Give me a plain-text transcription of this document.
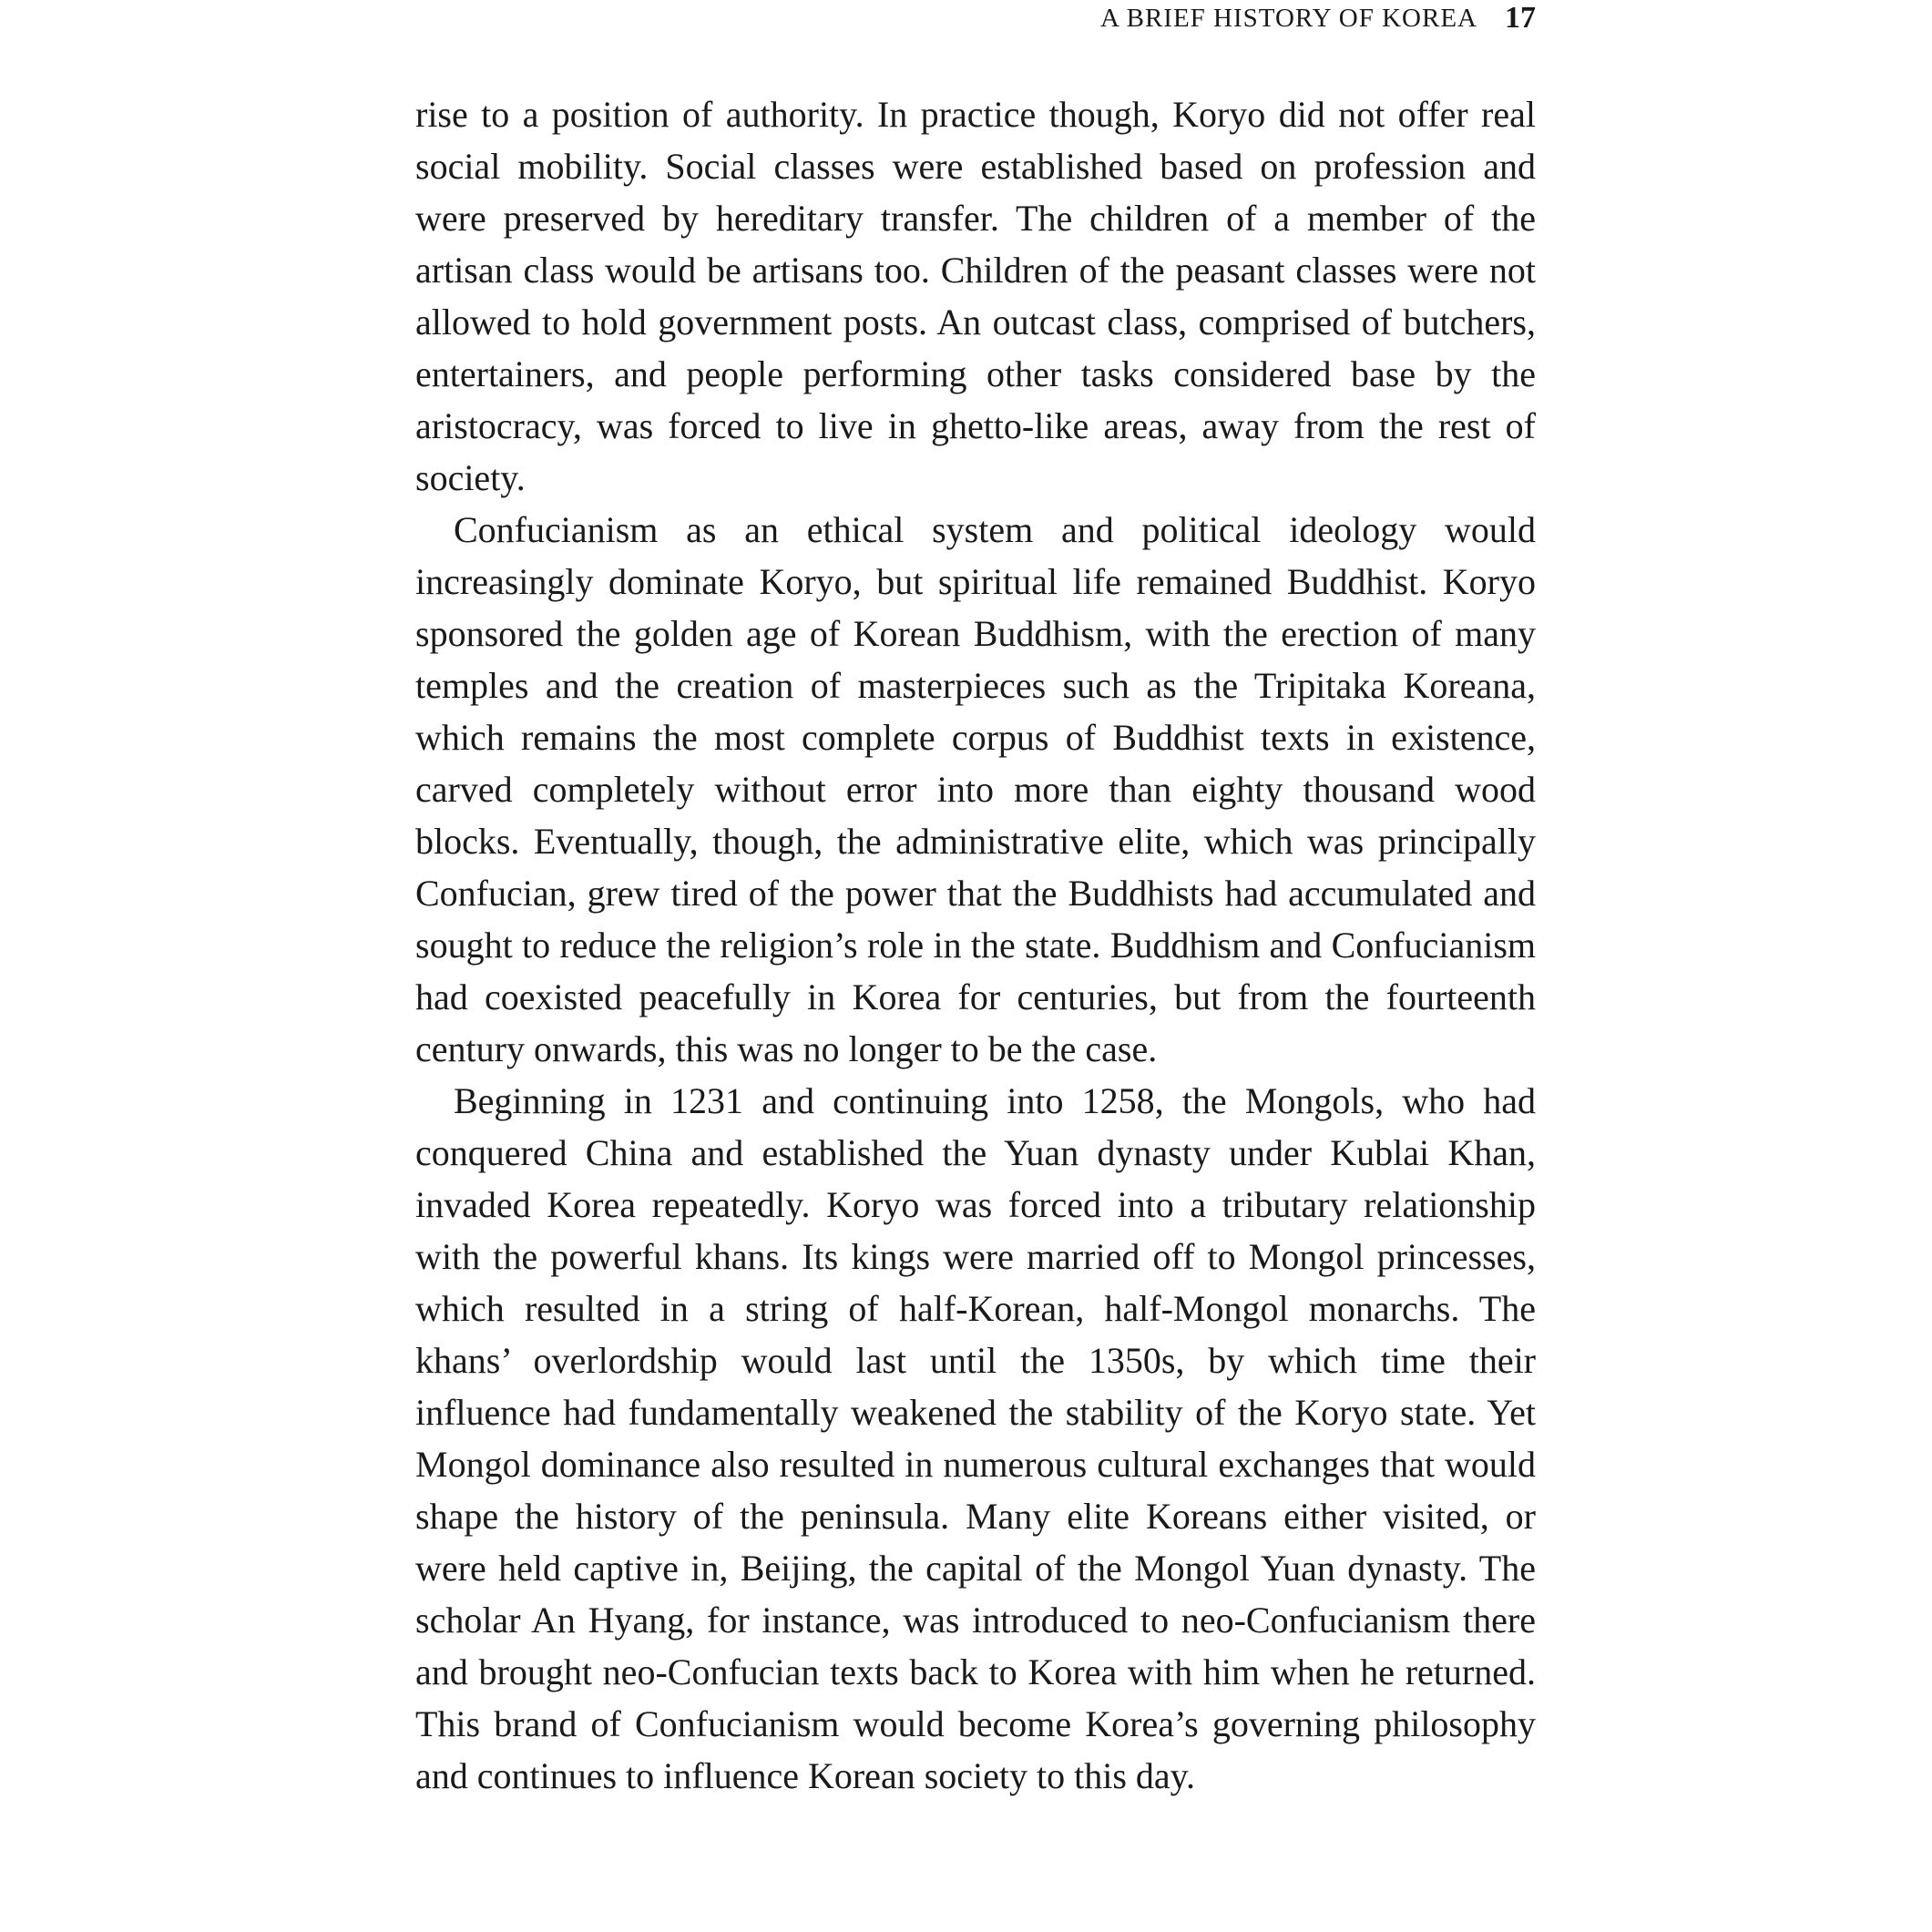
A BRIEF HISTORY OF KOREA 17

rise to a position of authority. In practice though, Koryo did not offer real social mobility. Social classes were established based on profession and were preserved by hereditary transfer. The children of a member of the artisan class would be artisans too. Children of the peasant classes were not allowed to hold government posts. An outcast class, comprised of butchers, entertainers, and people performing other tasks considered base by the aristocracy, was forced to live in ghetto-like areas, away from the rest of society.

Confucianism as an ethical system and political ideology would increasingly dominate Koryo, but spiritual life remained Buddhist. Koryo sponsored the golden age of Korean Buddhism, with the erection of many temples and the creation of masterpieces such as the Tripitaka Koreana, which remains the most complete corpus of Buddhist texts in existence, carved completely without error into more than eighty thousand wood blocks. Eventually, though, the administrative elite, which was principally Confucian, grew tired of the power that the Buddhists had accumulated and sought to reduce the religion’s role in the state. Buddhism and Confucianism had coexisted peacefully in Korea for centuries, but from the fourteenth century onwards, this was no longer to be the case.

Beginning in 1231 and continuing into 1258, the Mongols, who had conquered China and established the Yuan dynasty under Kublai Khan, invaded Korea repeatedly. Koryo was forced into a tributary relationship with the powerful khans. Its kings were married off to Mongol princesses, which resulted in a string of half-Korean, half-Mongol monarchs. The khans’ overlordship would last until the 1350s, by which time their influence had fundamentally weakened the stability of the Koryo state. Yet Mongol dominance also resulted in numerous cultural exchanges that would shape the history of the peninsula. Many elite Koreans either visited, or were held captive in, Beijing, the capital of the Mongol Yuan dynasty. The scholar An Hyang, for instance, was introduced to neo-Confucianism there and brought neo-Confucian texts back to Korea with him when he returned. This brand of Confucianism would become Korea’s governing philosophy and continues to influence Korean society to this day.
